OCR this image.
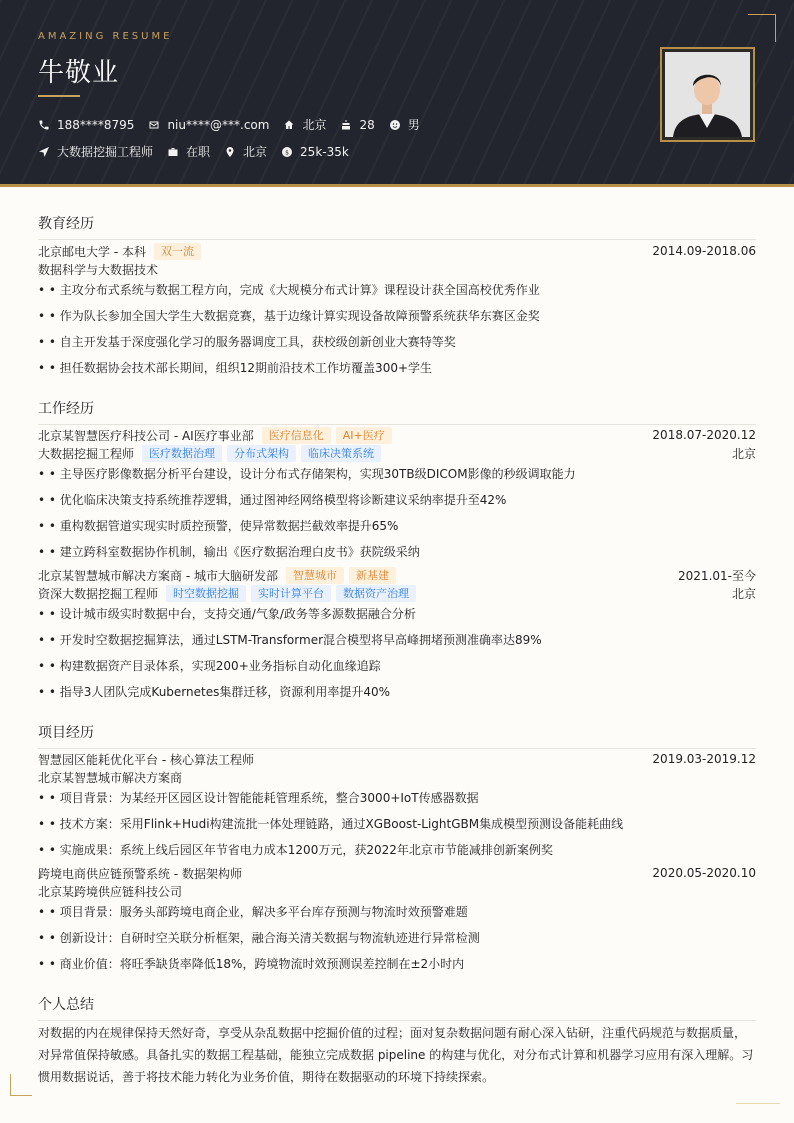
AMAZING RESUME
牛敬业
188****8795	niu****@***.com	北京	28	男
大数据挖掘工程师	在职	北京 $ 25k-35k
教育经历
北京邮电大学 - 本科	双一流	2014.09-2018.06
数据科学与大数据技术
• • 主攻分布式系统与数据工程方向，完成《大规模分布式计算》课程设计获全国高校优秀作业
• • 作为队长参加全国大学生大数据竞赛，基于边缘计算实现设备故障预警系统获华东赛区金奖
• • 自主开发基于深度强化学习的服务器调度工具，获校级创新创业大赛特等奖
• • 担任数据协会技术部长期间，组织12期前沿技术工作坊覆盖300+学生
工作经历
北京某智慧医疗科技公司 - AI医疗事业部	医疗信息化	AI+医疗	2018.07-2020.12
大数据挖掘工程师	医疗数据治理	分布式架构	临床决策系统	北京
• • 主导医疗影像数据分析平台建设，设计分布式存储架构，实现30TB级DICOM影像的秒级调取能力
• • 优化临床决策支持系统推荐逻辑，通过图神经网络模型将诊断建议采纳率提升至42%
• • 重构数据管道实现实时质控预警，使异常数据拦截效率提升65%
• • 建立跨科室数据协作机制，输出《医疗数据治理白皮书》获院级采纳
北京某智慧城市解决方案商 - 城市大脑研发部	智慧城市	新基建	2021.01-至今
资深大数据挖掘工程师	时空数据挖掘	实时计算平台	数据资产治理	北京
• • 设计城市级实时数据中台，支持交通/气象/政务等多源数据融合分析
• • 开发时空数据挖掘算法，通过LSTM-Transformer混合模型将早高峰拥堵预测准确率达89%
• • 构建数据资产目录体系，实现200+业务指标自动化血缘追踪
• • 指导3人团队完成Kubernetes集群迁移，资源利用率提升40%
项目经历
智慧园区能耗优化平台 - 核心算法工程师	2019.03-2019.12
北京某智慧城市解决方案商
• • 项目背景：为某经开区园区设计智能能耗管理系统，整合3000+IoT传感器数据
• • 技术方案：采用Flink+Hudi构建流批一体处理链路，通过XGBoost-LightGBM集成模型预测设备能耗曲线
• • 实施成果：系统上线后园区年节省电力成本1200万元，获2022年北京市节能减排创新案例奖
跨境电商供应链预警系统 - 数据架构师	2020.05-2020.10
北京某跨境供应链科技公司
• • 项目背景：服务头部跨境电商企业，解决多平台库存预测与物流时效预警难题
• • 创新设计：自研时空关联分析框架，融合海关清关数据与物流轨迹进行异常检测
• • 商业价值：将旺季缺货率降低18%，跨境物流时效预测误差控制在±2小时内
个人总结
对数据的内在规律保持天然好奇，享受从杂乱数据中挖掘价值的过程；面对复杂数据问题有耐心深入钻研，注重代码规范与数据质量，对异常值保持敏感。具备扎实的数据工程基础，能独立完成数据 pipeline 的构建与优化，对分布式计算和机器学习应用有深入理解。习惯用数据说话，善于将技术能力转化为业务价值，期待在数据驱动的环境下持续探索。
